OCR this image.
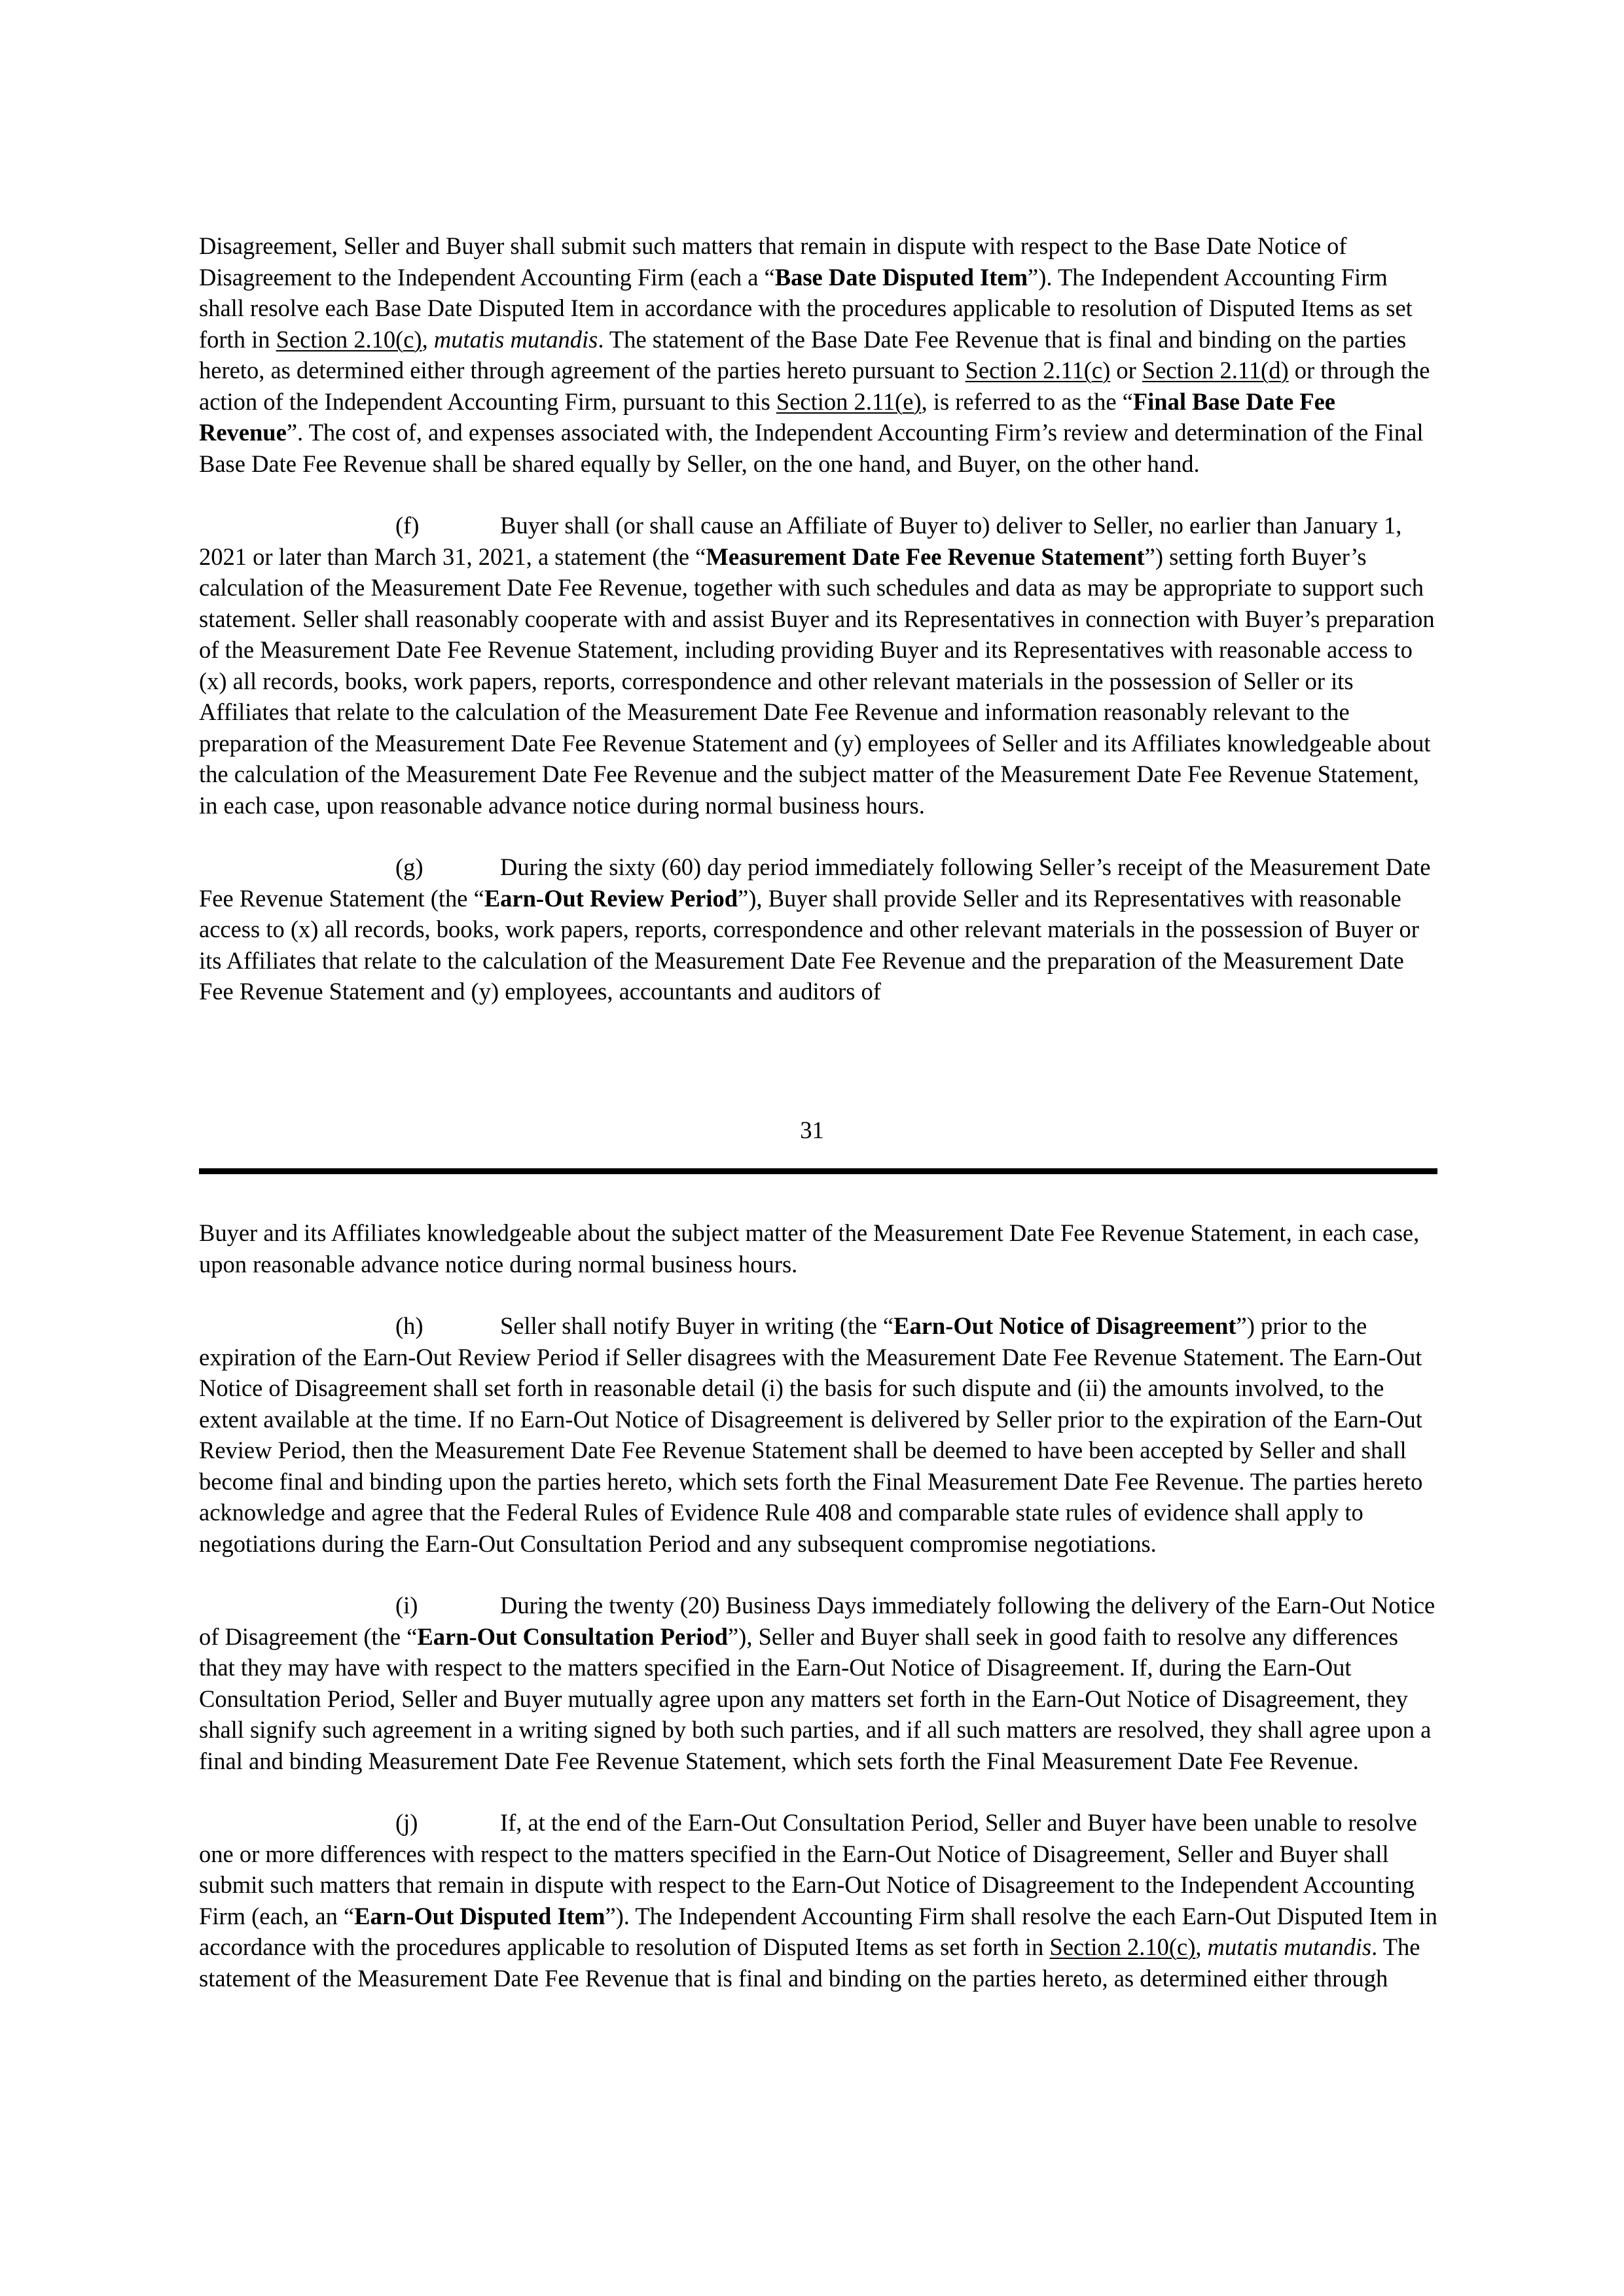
Disagreement, Seller and Buyer shall submit such matters that remain in dispute with respect to the Base Date Notice of Disagreement to the Independent Accounting Firm (each a “Base Date Disputed Item”). The Independent Accounting Firm shall resolve each Base Date Disputed Item in accordance with the procedures applicable to resolution of Disputed Items as set forth in Section 2.10(c), mutatis mutandis. The statement of the Base Date Fee Revenue that is final and binding on the parties hereto, as determined either through agreement of the parties hereto pursuant to Section 2.11(c) or Section 2.11(d) or through the action of the Independent Accounting Firm, pursuant to this Section 2.11(e), is referred to as the “Final Base Date Fee Revenue”. The cost of, and expenses associated with, the Independent Accounting Firm’s review and determination of the Final Base Date Fee Revenue shall be shared equally by Seller, on the one hand, and Buyer, on the other hand.

(f)	Buyer shall (or shall cause an Affiliate of Buyer to) deliver to Seller, no earlier than January 1, 2021 or later than March 31, 2021, a statement (the “Measurement Date Fee Revenue Statement”) setting forth Buyer’s calculation of the Measurement Date Fee Revenue, together with such schedules and data as may be appropriate to support such statement. Seller shall reasonably cooperate with and assist Buyer and its Representatives in connection with Buyer’s preparation of the Measurement Date Fee Revenue Statement, including providing Buyer and its Representatives with reasonable access to (x) all records, books, work papers, reports, correspondence and other relevant materials in the possession of Seller or its Affiliates that relate to the calculation of the Measurement Date Fee Revenue and information reasonably relevant to the preparation of the Measurement Date Fee Revenue Statement and (y) employees of Seller and its Affiliates knowledgeable about the calculation of the Measurement Date Fee Revenue and the subject matter of the Measurement Date Fee Revenue Statement, in each case, upon reasonable advance notice during normal business hours.

(g)	During the sixty (60) day period immediately following Seller’s receipt of the Measurement Date Fee Revenue Statement (the “Earn-Out Review Period”), Buyer shall provide Seller and its Representatives with reasonable access to (x) all records, books, work papers, reports, correspondence and other relevant materials in the possession of Buyer or its Affiliates that relate to the calculation of the Measurement Date Fee Revenue and the preparation of the Measurement Date Fee Revenue Statement and (y) employees, accountants and auditors of

31

Buyer and its Affiliates knowledgeable about the subject matter of the Measurement Date Fee Revenue Statement, in each case, upon reasonable advance notice during normal business hours.

(h)	Seller shall notify Buyer in writing (the “Earn-Out Notice of Disagreement”) prior to the expiration of the Earn-Out Review Period if Seller disagrees with the Measurement Date Fee Revenue Statement. The Earn-Out Notice of Disagreement shall set forth in reasonable detail (i) the basis for such dispute and (ii) the amounts involved, to the extent available at the time. If no Earn-Out Notice of Disagreement is delivered by Seller prior to the expiration of the Earn-Out Review Period, then the Measurement Date Fee Revenue Statement shall be deemed to have been accepted by Seller and shall become final and binding upon the parties hereto, which sets forth the Final Measurement Date Fee Revenue. The parties hereto acknowledge and agree that the Federal Rules of Evidence Rule 408 and comparable state rules of evidence shall apply to negotiations during the Earn-Out Consultation Period and any subsequent compromise negotiations.

(i)	During the twenty (20) Business Days immediately following the delivery of the Earn-Out Notice of Disagreement (the “Earn-Out Consultation Period”), Seller and Buyer shall seek in good faith to resolve any differences that they may have with respect to the matters specified in the Earn-Out Notice of Disagreement. If, during the Earn-Out Consultation Period, Seller and Buyer mutually agree upon any matters set forth in the Earn-Out Notice of Disagreement, they shall signify such agreement in a writing signed by both such parties, and if all such matters are resolved, they shall agree upon a final and binding Measurement Date Fee Revenue Statement, which sets forth the Final Measurement Date Fee Revenue.

(j)	If, at the end of the Earn-Out Consultation Period, Seller and Buyer have been unable to resolve one or more differences with respect to the matters specified in the Earn-Out Notice of Disagreement, Seller and Buyer shall submit such matters that remain in dispute with respect to the Earn-Out Notice of Disagreement to the Independent Accounting Firm (each, an “Earn-Out Disputed Item”). The Independent Accounting Firm shall resolve the each Earn-Out Disputed Item in accordance with the procedures applicable to resolution of Disputed Items as set forth in Section 2.10(c), mutatis mutandis. The statement of the Measurement Date Fee Revenue that is final and binding on the parties hereto, as determined either through
